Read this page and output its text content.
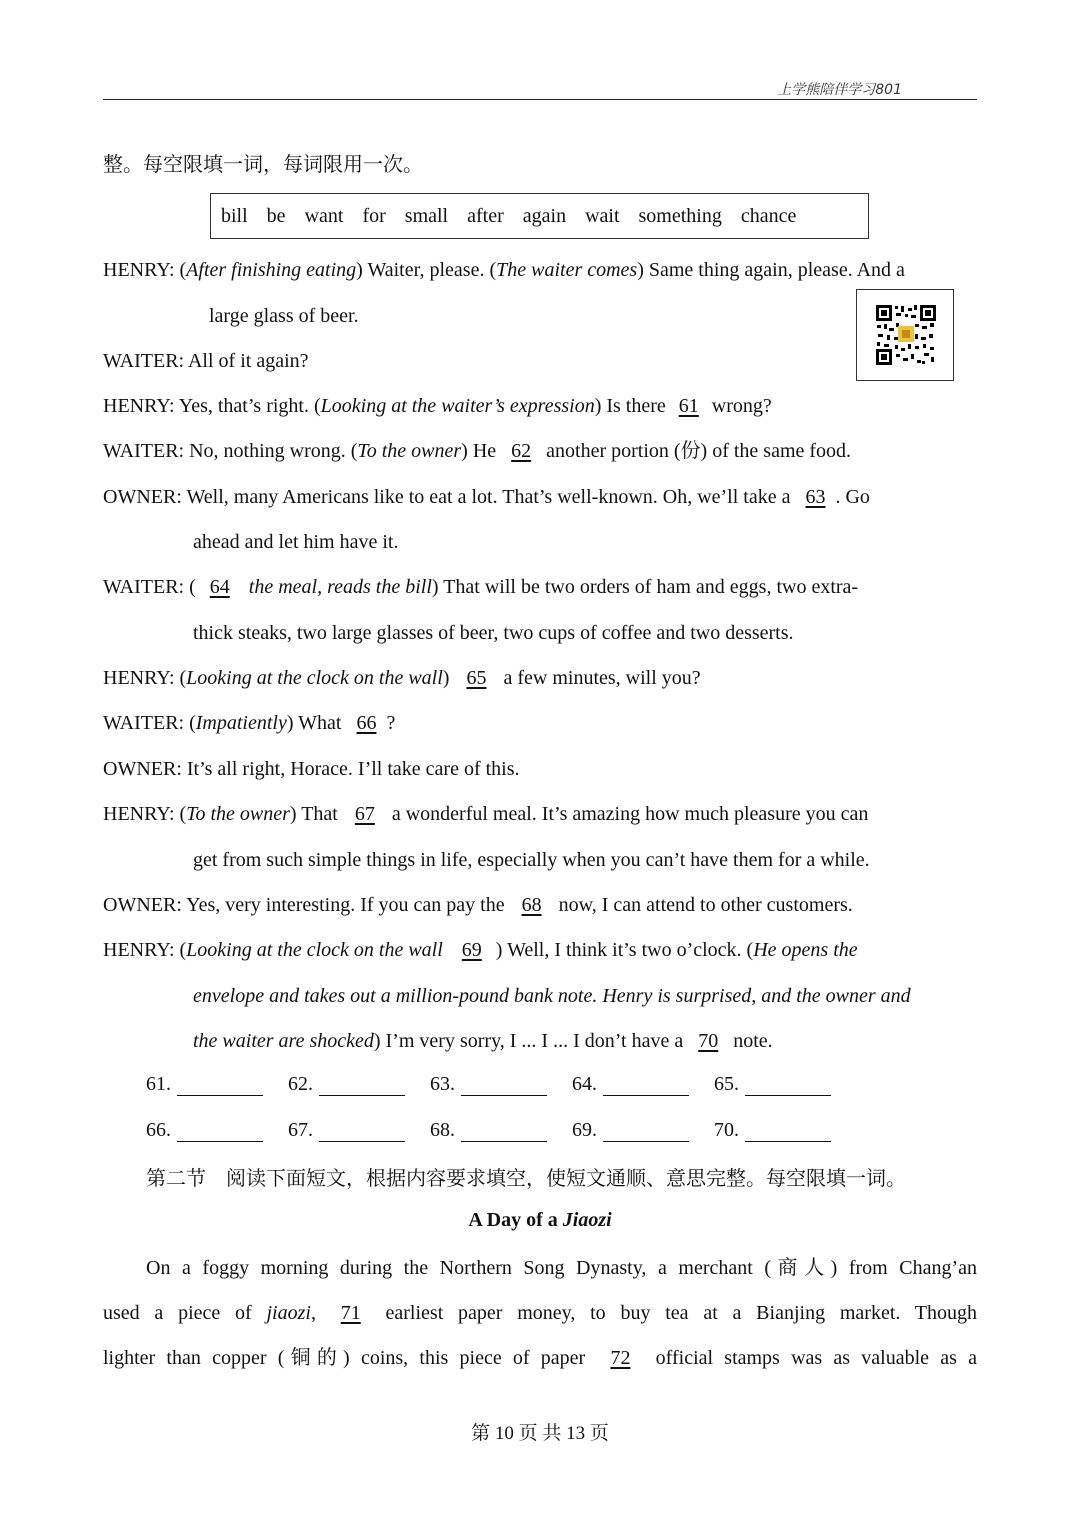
上学熊陪伴学习801
整。每空限填一词，每词限用一次。
bill be want for small after again wait something chance
HENRY: (After finishing eating) Waiter, please. (The waiter comes) Same thing again, please. And a
large glass of beer.
WAITER: All of it again?
HENRY: Yes, that’s right. (Looking at the waiter’s expression) Is there 61 wrong?
WAITER: No, nothing wrong. (To the owner) He 62 another portion (份) of the same food.
OWNER: Well, many Americans like to eat a lot. That’s well-known. Oh, we’ll take a 63 . Go
ahead and let him have it.
WAITER: ( 64 the meal, reads the bill) That will be two orders of ham and eggs, two extra-
thick steaks, two large glasses of beer, two cups of coffee and two desserts.
HENRY: (Looking at the clock on the wall) 65 a few minutes, will you?
WAITER: (Impatiently) What 66 ?
OWNER: It’s all right, Horace. I’ll take care of this.
HENRY: (To the owner) That 67 a wonderful meal. It’s amazing how much pleasure you can
get from such simple things in life, especially when you can’t have them for a while.
OWNER: Yes, very interesting. If you can pay the 68 now, I can attend to other customers.
HENRY: (Looking at the clock on the wall 69 ) Well, I think it’s two o’clock. (He opens the
envelope and takes out a million-pound bank note. Henry is surprised, and the owner and
the waiter are shocked) I’m very sorry, I ... I ... I don’t have a 70 note.
61.	62.	63.	64.	65.
66.	67.	68.	69.	70.
第二节　阅读下面短文，根据内容要求填空，使短文通顺、意思完整。每空限填一词。
A Day of a Jiaozi
On a foggy morning during the Northern Song Dynasty, a merchant (商人) from Chang’an
used a piece of jiaozi, 71 earliest paper money, to buy tea at a Bianjing market. Though
lighter than copper (铜的) coins, this piece of paper 72 official stamps was as valuable as a
第 10 页 共 13 页
